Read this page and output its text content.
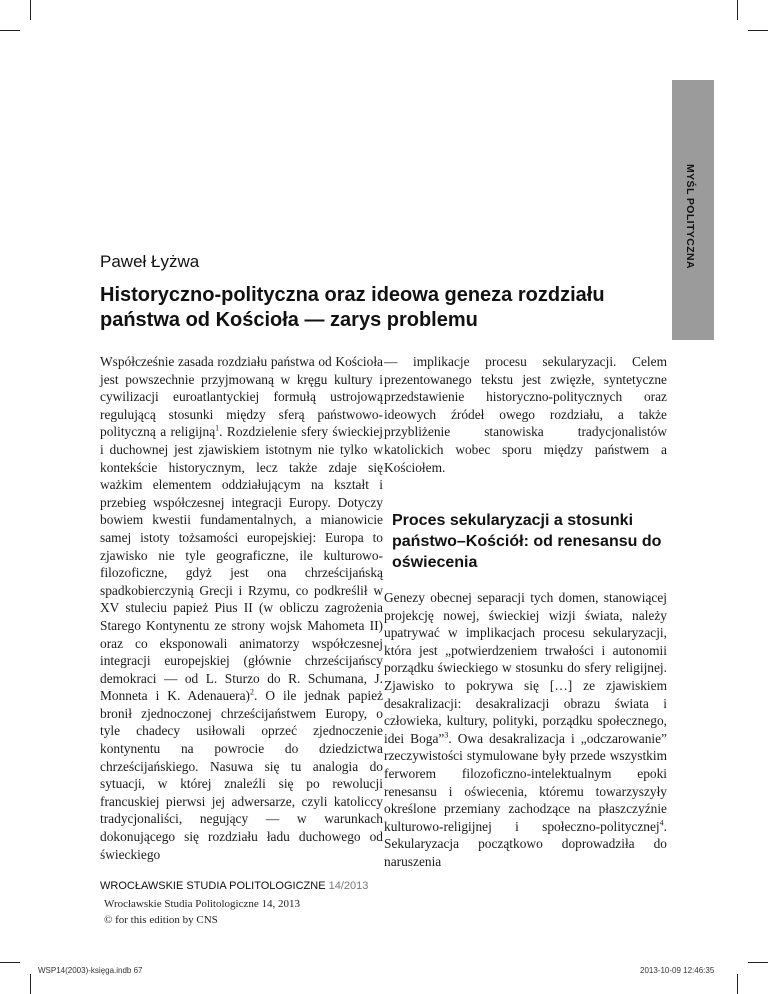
MYŚL POLITYCZNA
Paweł Łyżwa
Historyczno-polityczna oraz ideowa geneza rozdziału państwa od Kościoła — zarys problemu

Współcześnie zasada rozdziału państwa od Kościoła jest powszechnie przyjmowaną w kręgu kultury i cywilizacji euroatlantyckiej formułą ustrojową regulującą stosunki między sferą państwowo-polityczną a religijną$^1$. Rozdzielenie sfery świeckiej i duchownej jest zjawiskiem istotnym nie tylko w kontekście historycznym, lecz także zdaje się ważkim elementem oddziałującym na kształt i przebieg współczesnej integracji Europy. Dotyczy bowiem kwestii fundamentalnych, a mianowicie samej istoty tożsamości europejskiej: Europa to zjawisko nie tyle geograficzne, ile kulturowo-filozoficzne, gdyż jest ona chrześcijańską spadkobierczynią Grecji i Rzymu, co podkreślił w XV stuleciu papież Pius II (w obliczu zagrożenia Starego Kontynentu ze strony wojsk Mahometa II) oraz co eksponowali animatorzy współczesnej integracji europejskiej (głównie chrześcijańscy demokraci — od L. Sturzo do R. Schumana, J. Monneta i K. Adenauera)$^2$. O ile jednak papież bronił zjednoczonej chrześcijaństwem Europy, o tyle chadecy usiłowali oprzeć zjednoczenie kontynentu na powrocie do dziedzictwa chrześcijańskiego. Nasuwa się tu analogia do sytuacji, w której znaleźli się po rewolucji francuskiej pierwsi jej adwersarze, czyli katoliccy tradycjonaliści, negujący — w warunkach dokonującego się rozdziału ładu duchowego od świeckiego

— implikacje procesu sekularyzacji. Celem prezentowanego tekstu jest zwięzłe, syntetyczne przedstawienie historyczno-politycznych oraz ideowych źródeł owego rozdziału, a także przybliżenie stanowiska tradycjonalistów katolickich wobec sporu między państwem a Kościołem.

Proces sekularyzacji a stosunki państwo–Kościół: od renesansu do oświecenia

Genezy obecnej separacji tych domen, stanowiącej projekcję nowej, świeckiej wizji świata, należy upatrywać w implikacjach procesu sekularyzacji, która jest „potwierdzeniem trwałości i autonomii porządku świeckiego w stosunku do sfery religijnej. Zjawisko to pokrywa się […] ze zjawiskiem desakralizacji: desakralizacji obrazu świata i człowieka, kultury, polityki, porządku społecznego, idei Boga”$^3$. Owa desakralizacja i „odczarowanie” rzeczywistości stymulowane były przede wszystkim ferworem filozoficzno-intelektualnym epoki renesansu i oświecenia, któremu towarzyszyły określone przemiany zachodzące na płaszczyźnie kulturowo-religijnej i społeczno-politycznej$^4$. Sekularyzacja początkowo doprowadziła do naruszenia

WROCŁAWSKIE STUDIA POLITOLOGICZNE 14/2013
Wrocławskie Studia Politologiczne 14, 2013
© for this edition by CNS
WSP14(2003)-księga.indb 67	2013-10-09 12:46:35
